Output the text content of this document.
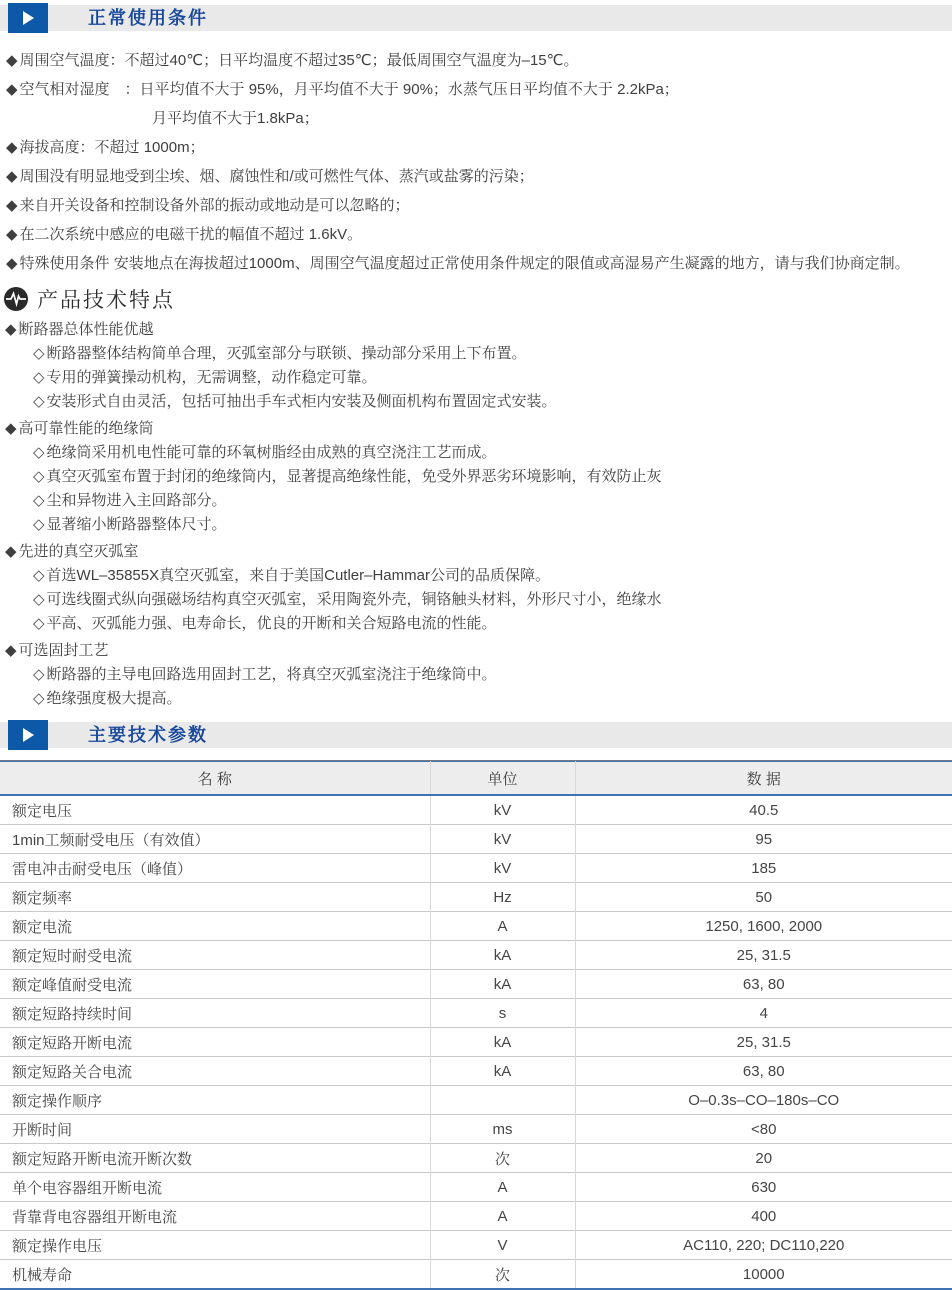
正常使用条件
◆ 周围空气温度：不超过40℃；日平均温度不超过35℃；最低周围空气温度为–15℃。
◆ 空气相对湿度　：日平均值不大于 95%，月平均值不大于 90%；水蒸气压日平均值不大于 2.2kPa；
月平均值不大于1.8kPa；
◆ 海拔高度：不超过 1000m；
◆ 周围没有明显地受到尘埃、烟、腐蚀性和/或可燃性气体、蒸汽或盐雾的污染；
◆ 来自开关设备和控制设备外部的振动或地动是可以忽略的；
◆ 在二次系统中感应的电磁干扰的幅值不超过 1.6kV。
◆ 特殊使用条件 安装地点在海拔超过1000m、周围空气温度超过正常使用条件规定的限值或高湿易产生凝露的地方，请与我们协商定制。
产品技术特点
◆ 断路器总体性能优越
◇ 断路器整体结构简单合理，灭弧室部分与联锁、操动部分采用上下布置。
◇ 专用的弹簧操动机构，无需调整，动作稳定可靠。
◇ 安装形式自由灵活，包括可抽出手车式柜内安装及侧面机构布置固定式安装。
◆ 高可靠性能的绝缘筒
◇ 绝缘筒采用机电性能可靠的环氧树脂经由成熟的真空浇注工艺而成。
◇ 真空灭弧室布置于封闭的绝缘筒内，显著提高绝缘性能，免受外界恶劣环境影响，有效防止灰
◇ 尘和异物进入主回路部分。
◇ 显著缩小断路器整体尺寸。
◆ 先进的真空灭弧室
◇ 首选WL–35855X真空灭弧室，来自于美国Cutler–Hammar公司的品质保障。
◇ 可选线圈式纵向强磁场结构真空灭弧室，采用陶瓷外壳，铜铬触头材料，外形尺寸小，绝缘水
◇ 平高、灭弧能力强、电寿命长，优良的开断和关合短路电流的性能。
◆ 可选固封工艺
◇ 断路器的主导电回路选用固封工艺，将真空灭弧室浇注于绝缘筒中。
◇ 绝缘强度极大提高。
主要技术参数
名 称	单位	数 据
额定电压	kV	40.5
1min工频耐受电压（有效值）	kV	95
雷电冲击耐受电压（峰值）	kV	185
额定频率	Hz	50
额定电流	A	1250, 1600, 2000
额定短时耐受电流	kA	25, 31.5
额定峰值耐受电流	kA	63, 80
额定短路持续时间	s	4
额定短路开断电流	kA	25, 31.5
额定短路关合电流	kA	63, 80
额定操作顺序		O–0.3s–CO–180s–CO
开断时间	ms	<80
额定短路开断电流开断次数	次	20
单个电容器组开断电流	A	630
背靠背电容器组开断电流	A	400
额定操作电压	V	AC110, 220; DC110,220
机械寿命	次	10000
